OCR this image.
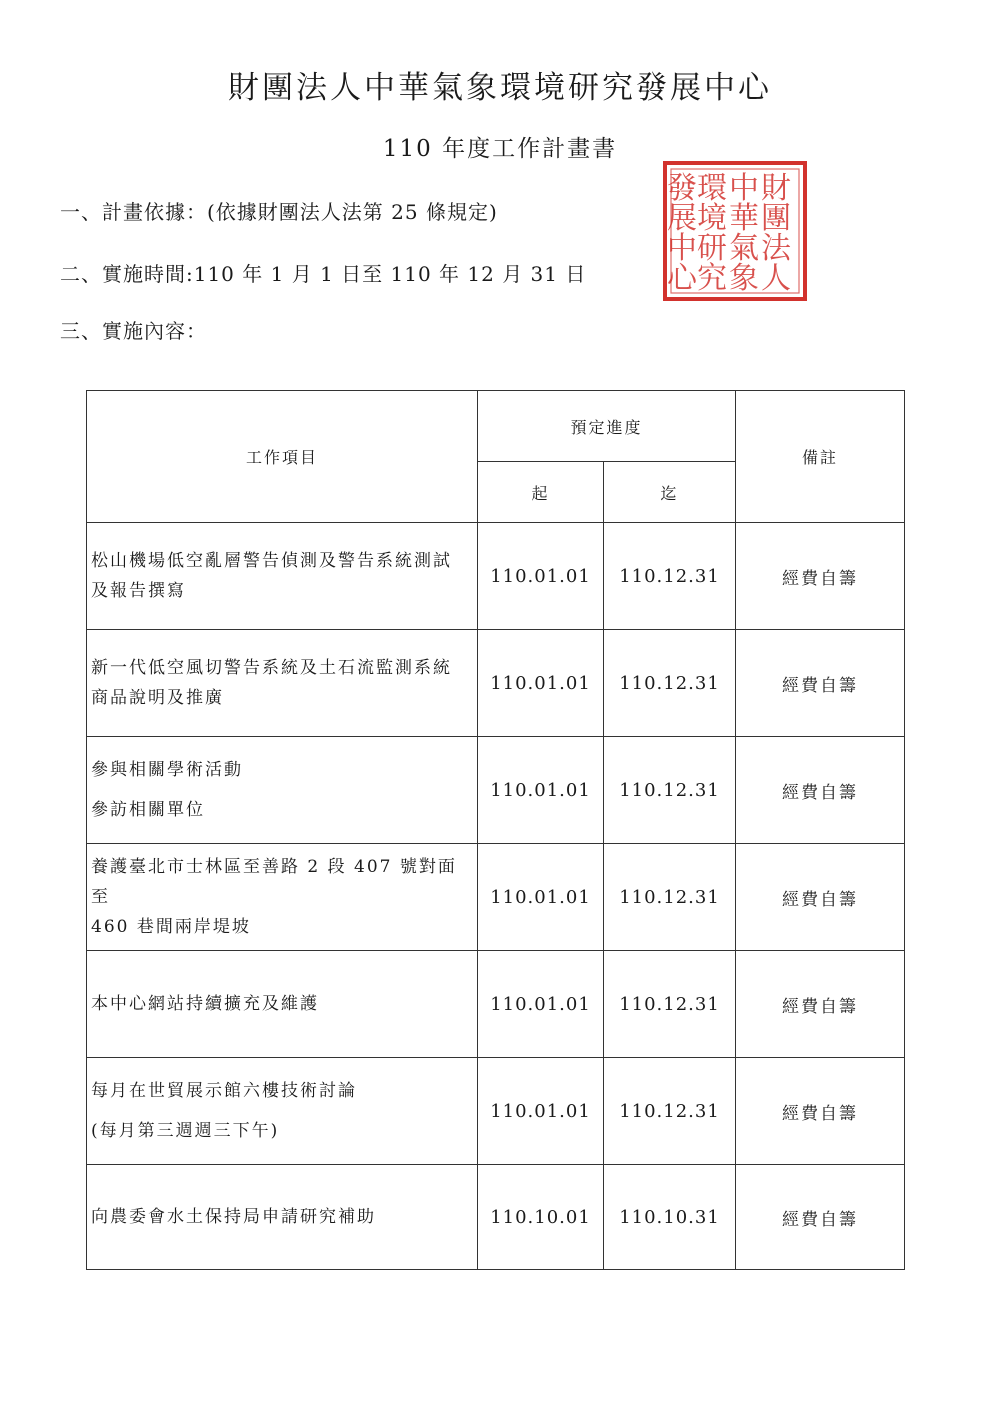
財團法人中華氣象環境研究發展中心
110 年度工作計畫書
一、計畫依據：(依據財團法人法第 25 條規定)
二、實施時間:110 年 1 月 1 日至 110 年 12 月 31 日
三、實施內容：
財
團
法
人
中
華
氣
象
環
境
研
究
發
展
中
心
工作項目	預定進度		備註
	起	迄	

松山機場低空亂層警告偵測及警告系統測試
及報告撰寫	110.01.01	110.12.31	經費自籌

新一代低空風切警告系統及土石流監測系統
商品說明及推廣	110.01.01	110.12.31	經費自籌

參與相關學術活動
參訪相關單位	110.01.01	110.12.31	經費自籌

養護臺北市士林區至善路 2 段 407 號對面至
460 巷間兩岸堤坡	110.01.01	110.12.31	經費自籌

本中心網站持續擴充及維護	110.01.01	110.12.31	經費自籌

每月在世貿展示館六樓技術討論
(每月第三週週三下午)	110.01.01	110.12.31	經費自籌

向農委會水土保持局申請研究補助	110.10.01	110.10.31	經費自籌
